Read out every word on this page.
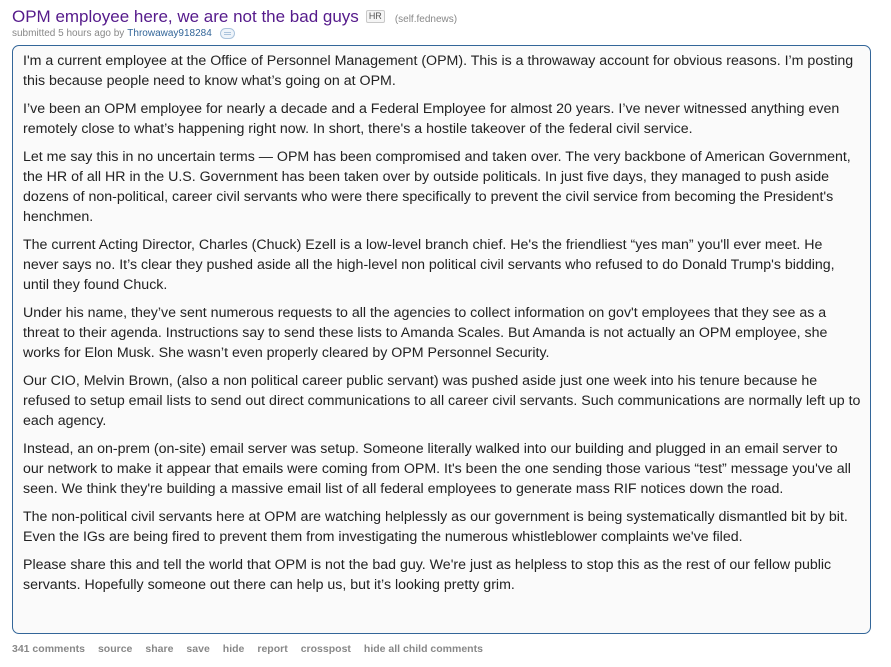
OPM employee here, we are not the bad guys	HR	(self.fednews)
submitted 5 hours ago by Throwaway918284

I'm a current employee at the Office of Personnel Management (OPM). This is a throwaway account for obvious reasons. I’m posting this because people need to know what’s going on at OPM.

I’ve been an OPM employee for nearly a decade and a Federal Employee for almost 20 years. I’ve never witnessed anything even remotely close to what’s happening right now. In short, there's a hostile takeover of the federal civil service.

Let me say this in no uncertain terms — OPM has been compromised and taken over. The very backbone of American Government, the HR of all HR in the U.S. Government has been taken over by outside politicals. In just five days, they managed to push aside dozens of non-political, career civil servants who were there specifically to prevent the civil service from becoming the President's henchmen.

The current Acting Director, Charles (Chuck) Ezell is a low-level branch chief. He's the friendliest “yes man” you'll ever meet. He never says no. It’s clear they pushed aside all the high-level non political civil servants who refused to do Donald Trump's bidding, until they found Chuck.

Under his name, they’ve sent numerous requests to all the agencies to collect information on gov't employees that they see as a threat to their agenda. Instructions say to send these lists to Amanda Scales. But Amanda is not actually an OPM employee, she works for Elon Musk. She wasn’t even properly cleared by OPM Personnel Security.

Our CIO, Melvin Brown, (also a non political career public servant) was pushed aside just one week into his tenure because he refused to setup email lists to send out direct communications to all career civil servants. Such communications are normally left up to each agency.

Instead, an on-prem (on-site) email server was setup. Someone literally walked into our building and plugged in an email server to our network to make it appear that emails were coming from OPM. It's been the one sending those various “test” message you've all seen. We think they're building a massive email list of all federal employees to generate mass RIF notices down the road.

The non-political civil servants here at OPM are watching helplessly as our government is being systematically dismantled bit by bit. Even the IGs are being fired to prevent them from investigating the numerous whistleblower complaints we've filed.

Please share this and tell the world that OPM is not the bad guy. We're just as helpless to stop this as the rest of our fellow public servants. Hopefully someone out there can help us, but it’s looking pretty grim.

341 comments source share save hide report crosspost hide all child comments
